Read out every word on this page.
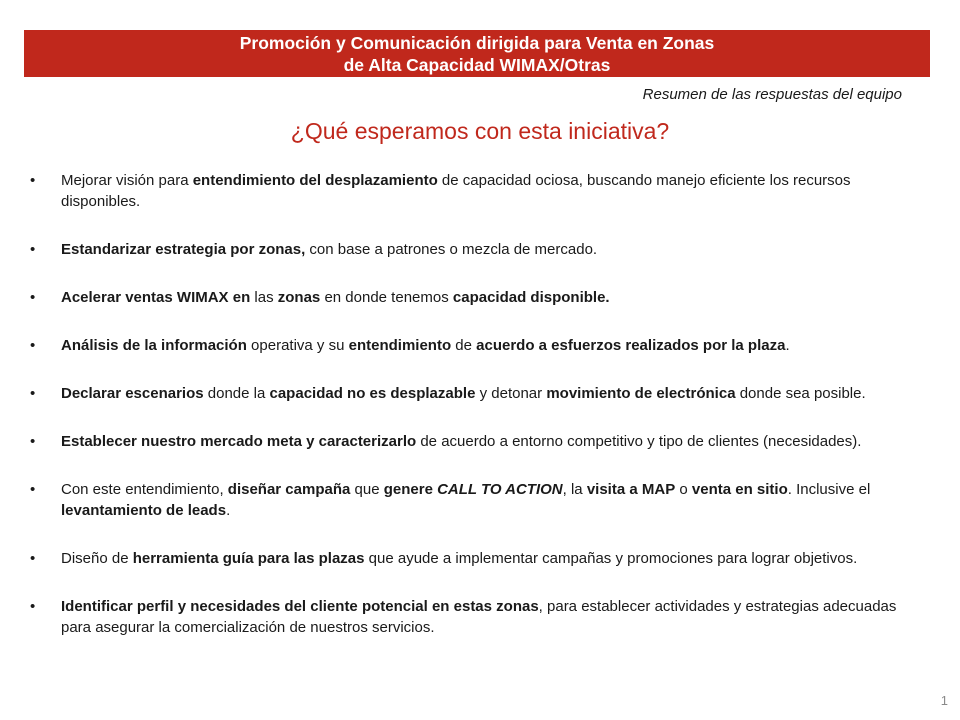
Promoción y Comunicación dirigida para Venta en Zonas
de Alta Capacidad WIMAX/Otras
Resumen de las respuestas del equipo
¿Qué esperamos con esta iniciativa?
• Mejorar visión para entendimiento del desplazamiento de capacidad ociosa, buscando manejo eficiente los recursos disponibles.
• Estandarizar estrategia por zonas, con base a patrones o mezcla de mercado.
• Acelerar ventas WIMAX en las zonas en donde tenemos capacidad disponible.
• Análisis de la información operativa y su entendimiento de acuerdo a esfuerzos realizados por la plaza.
• Declarar escenarios donde la capacidad no es desplazable y detonar movimiento de electrónica donde sea posible.
• Establecer nuestro mercado meta y caracterizarlo de acuerdo a entorno competitivo y tipo de clientes (necesidades).
• Con este entendimiento, diseñar campaña que genere CALL TO ACTION, la visita a MAP o venta en sitio. Inclusive el levantamiento de leads.
• Diseño de herramienta guía para las plazas que ayude a implementar campañas y promociones para lograr objetivos.
• Identificar perfil y necesidades del cliente potencial en estas zonas, para establecer actividades y estrategias adecuadas para asegurar la comercialización de nuestros servicios.
1
